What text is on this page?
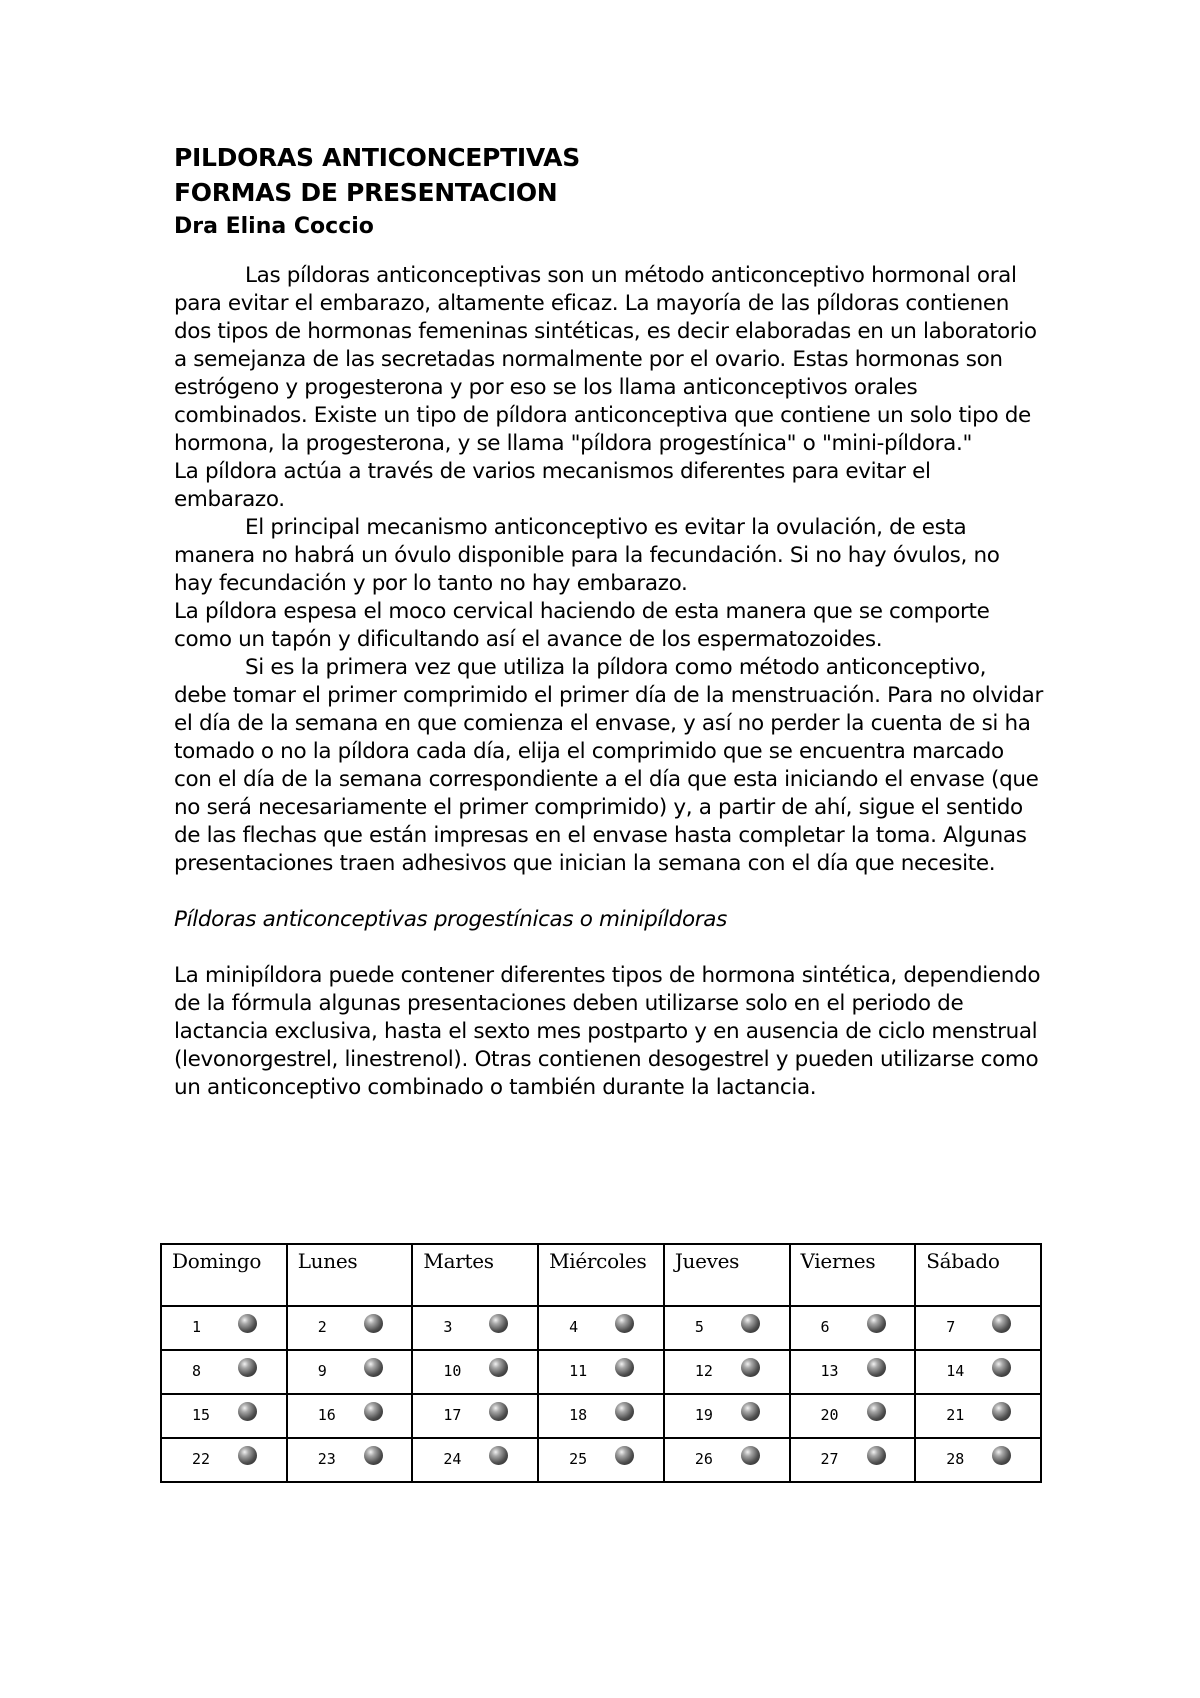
PILDORAS ANTICONCEPTIVAS
FORMAS DE PRESENTACION

Dra Elina Coccio

Las píldoras anticonceptivas son un método anticonceptivo hormonal oral para evitar el embarazo, altamente eficaz. La mayoría de las píldoras contienen dos tipos de hormonas femeninas sintéticas, es decir elaboradas en un laboratorio a semejanza de las secretadas normalmente por el ovario. Estas hormonas son estrógeno y progesterona y por eso se los llama anticonceptivos orales combinados. Existe un tipo de píldora anticonceptiva que contiene un solo tipo de hormona, la progesterona, y se llama "píldora progestínica" o "mini-píldora."

La píldora actúa a través de varios mecanismos diferentes para evitar el embarazo.

El principal mecanismo anticonceptivo es evitar la ovulación, de esta manera no habrá un óvulo disponible para la fecundación. Si no hay óvulos, no hay fecundación y por lo tanto no hay embarazo.

La píldora espesa el moco cervical haciendo de esta manera que se comporte como un tapón y dificultando así el avance de los espermatozoides.

Si es la primera vez que utiliza la píldora como método anticonceptivo, debe tomar el primer comprimido el primer día de la menstruación. Para no olvidar el día de la semana en que comienza el envase, y así no perder la cuenta de si ha tomado o no la píldora cada día, elija el comprimido que se encuentra marcado con el día de la semana correspondiente a el día que esta iniciando el envase (que no será necesariamente el primer comprimido) y, a partir de ahí, sigue el sentido de las flechas que están impresas en el envase hasta completar la toma. Algunas presentaciones traen adhesivos que inician la semana con el día que necesite.

Píldoras anticonceptivas progestínicas o minipíldoras

La minipíldora puede contener diferentes tipos de hormona sintética, dependiendo de la fórmula algunas presentaciones deben utilizarse solo en el periodo de lactancia exclusiva, hasta el sexto mes postparto y en ausencia de ciclo menstrual (levonorgestrel, linestrenol). Otras contienen desogestrel y pueden utilizarse como un anticonceptivo combinado o también durante la lactancia.

Domingo	Lunes	Martes	Miércoles	Jueves	Viernes	Sábado

1	2	3	4	5	6	7

8	9	10	11	12	13	14

15	16	17	18	19	20	21

22	23	24	25	26	27	28
